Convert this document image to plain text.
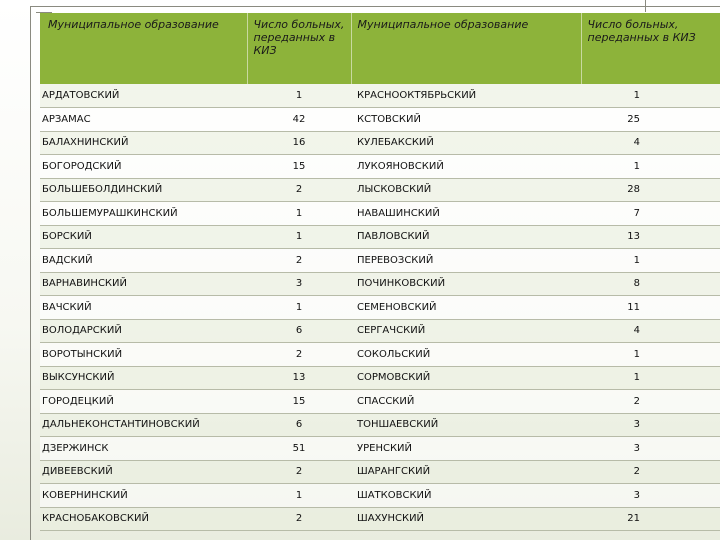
Муниципальное образование	Число больных, переданных в КИЗ	Муниципальное образование	Число больных, переданных в КИЗ
АРДАТОВСКИЙ	1	КРАСНООКТЯБРЬСКИЙ	1
АРЗАМАС	42	КСТОВСКИЙ	25
БАЛАХНИНСКИЙ	16	КУЛЕБАКСКИЙ	4
БОГОРОДСКИЙ	15	ЛУКОЯНОВСКИЙ	1
БОЛЬШЕБОЛДИНСКИЙ	2	ЛЫСКОВСКИЙ	28
БОЛЬШЕМУРАШКИНСКИЙ	1	НАВАШИНСКИЙ	7
БОРСКИЙ	1	ПАВЛОВСКИЙ	13
ВАДСКИЙ	2	ПЕРЕВОЗСКИЙ	1
ВАРНАВИНСКИЙ	3	ПОЧИНКОВСКИЙ	8
ВАЧСКИЙ	1	СЕМЕНОВСКИЙ	11
ВОЛОДАРСКИЙ	6	СЕРГАЧСКИЙ	4
ВОРОТЫНСКИЙ	2	СОКОЛЬСКИЙ	1
ВЫКСУНСКИЙ	13	СОРМОВСКИЙ	1
ГОРОДЕЦКИЙ	15	СПАССКИЙ	2
ДАЛЬНЕКОНСТАНТИНОВСКИЙ	6	ТОНШАЕВСКИЙ	3
ДЗЕРЖИНСК	51	УРЕНСКИЙ	3
ДИВЕЕВСКИЙ	2	ШАРАНГСКИЙ	2
КОВЕРНИНСКИЙ	1	ШАТКОВСКИЙ	3
КРАСНОБАКОВСКИЙ	2	ШАХУНСКИЙ	21
